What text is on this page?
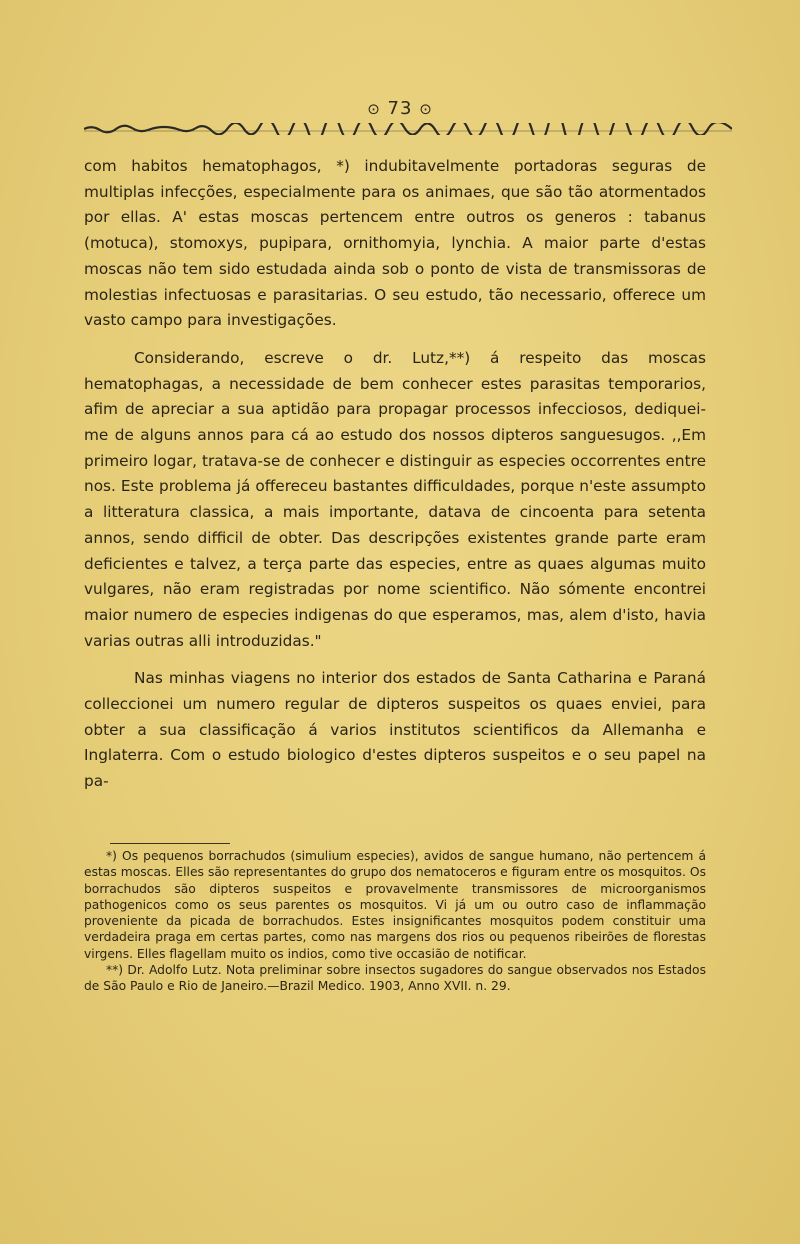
⊙ 73 ⊙

com habitos hematophagos, *) indubitavelmente portadoras seguras de multiplas infecções, especialmente para os animaes, que são tão atormentados por ellas. A' estas moscas pertencem entre outros os generos : tabanus (motuca), stomoxys, pupipara, ornithomyia, lynchia. A maior parte d'estas moscas não tem sido estudada ainda sob o ponto de vista de transmissoras de molestias infectuosas e parasitarias. O seu estudo, tão necessario, offerece um vasto campo para investigações.

Considerando, escreve o dr. Lutz,**) á respeito das moscas hematophagas, a necessidade de bem conhecer estes parasitas temporarios, afim de apreciar a sua aptidão para propagar processos infecciosos, dediquei-me de alguns annos para cá ao estudo dos nossos dipteros sanguesugos. ,,Em primeiro logar, tratava-se de conhecer e distinguir as especies occorrentes entre nos. Este problema já offereceu bastantes difficuldades, porque n'este assumpto a litteratura classica, a mais importante, datava de cincoenta para setenta annos, sendo difficil de obter. Das descripções existentes grande parte eram deficientes e talvez, a terça parte das especies, entre as quaes algumas muito vulgares, não eram registradas por nome scientifico. Não sómente encontrei maior numero de especies indigenas do que esperamos, mas, alem d'isto, havia varias outras alli introduzidas."

Nas minhas viagens no interior dos estados de Santa Catharina e Paraná colleccionei um numero regular de dipteros suspeitos os quaes enviei, para obter a sua classificação á varios institutos scientificos da Allemanha e Inglaterra. Com o estudo biologico d'estes dipteros suspeitos e o seu papel na pa-

*) Os pequenos borrachudos (simulium especies), avidos de sangue humano, não pertencem á estas moscas. Elles são representantes do grupo dos nematoceros e figuram entre os mosquitos. Os borrachudos são dipteros suspeitos e provavelmente transmissores de microorganismos pathogenicos como os seus parentes os mosquitos. Vi já um ou outro caso de inflammação proveniente da picada de borrachudos. Estes insignificantes mosquitos podem constituir uma verdadeira praga em certas partes, como nas margens dos rios ou pequenos ribeirões de florestas virgens. Elles flagellam muito os indios, como tive occasião de notificar.

**) Dr. Adolfo Lutz. Nota preliminar sobre insectos sugadores do sangue observados nos Estados de São Paulo e Rio de Janeiro.—Brazil Medico. 1903, Anno XVII. n. 29.
